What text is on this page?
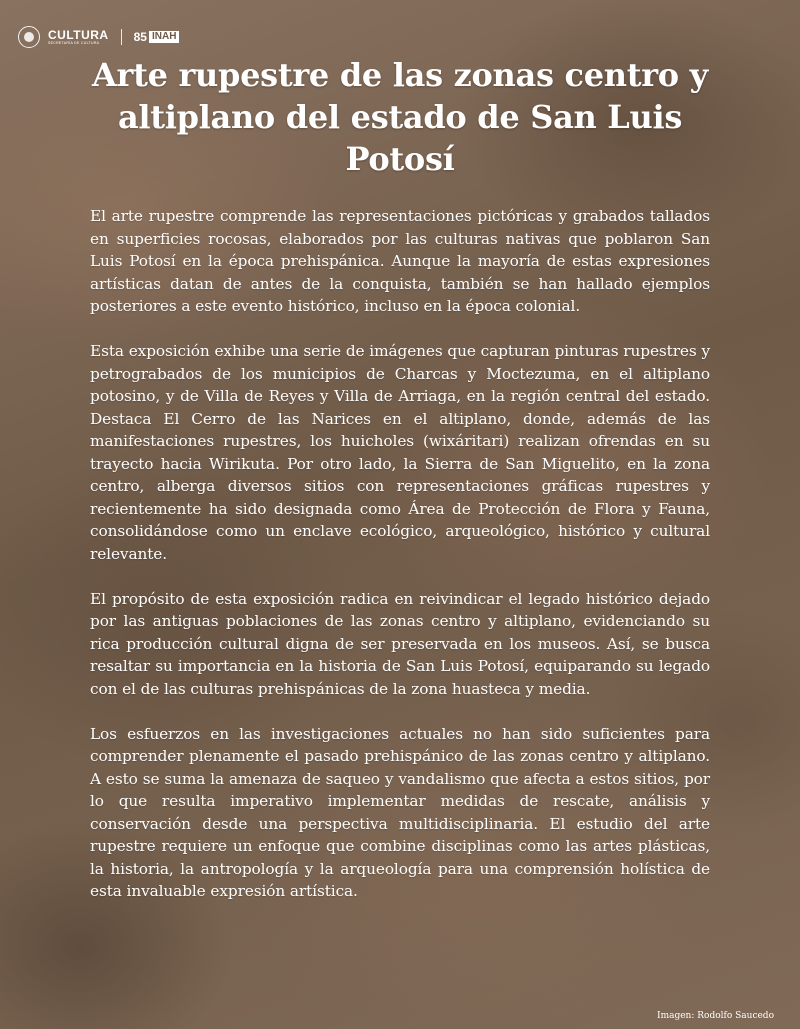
CULTURA
SECRETARÍA DE CULTURA	85 INAH
Arte rupestre de las zonas centro y
altiplano del estado de San Luis Potosí

El arte rupestre comprende las representaciones pictóricas y grabados tallados en superficies rocosas, elaborados por las culturas nativas que poblaron San Luis Potosí en la época prehispánica. Aunque la mayoría de estas expresiones artísticas datan de antes de la conquista, también se han hallado ejemplos posteriores a este evento histórico, incluso en la época colonial.

Esta exposición exhibe una serie de imágenes que capturan pinturas rupestres y petrograbados de los municipios de Charcas y Moctezuma, en el altiplano potosino, y de Villa de Reyes y Villa de Arriaga, en la región central del estado. Destaca El Cerro de las Narices en el altiplano, donde, además de las manifestaciones rupestres, los huicholes (wixáritari) realizan ofrendas en su trayecto hacia Wirikuta. Por otro lado, la Sierra de San Miguelito, en la zona centro, alberga diversos sitios con representaciones gráficas rupestres y recientemente ha sido designada como Área de Protección de Flora y Fauna, consolidándose como un enclave ecológico, arqueológico, histórico y cultural relevante.

El propósito de esta exposición radica en reivindicar el legado histórico dejado por las antiguas poblaciones de las zonas centro y altiplano, evidenciando su rica producción cultural digna de ser preservada en los museos. Así, se busca resaltar su importancia en la historia de San Luis Potosí, equiparando su legado con el de las culturas prehispánicas de la zona huasteca y media.

Los esfuerzos en las investigaciones actuales no han sido suficientes para comprender plenamente el pasado prehispánico de las zonas centro y altiplano. A esto se suma la amenaza de saqueo y vandalismo que afecta a estos sitios, por lo que resulta imperativo implementar medidas de rescate, análisis y conservación desde una perspectiva multidisciplinaria. El estudio del arte rupestre requiere un enfoque que combine disciplinas como las artes plásticas, la historia, la antropología y la arqueología para una comprensión holística de esta invaluable expresión artística.

Imagen: Rodolfo Saucedo
